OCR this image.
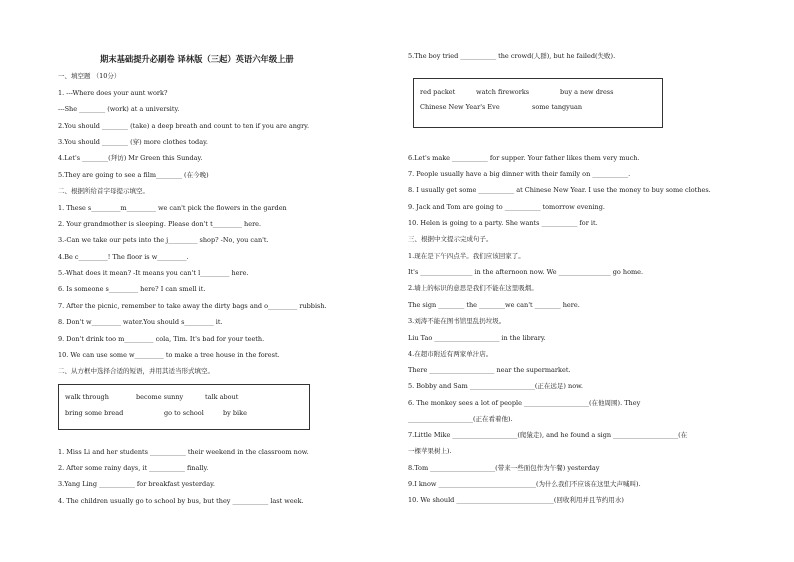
期末基础提升必刷卷 译林版（三起）英语六年级上册
一、填空题 （10分）
1. ---Where does your aunt work?
---She ________ (work) at a university.
2.You should ________ (take) a deep breath and count to ten if you are angry.
3.You should ________ (穿) more clothes today.
4.Let's ________(拜访) Mr Green this Sunday.
5.They are going to see a film________ (在今晚)
二、根据所给首字母提示填空。
1. These s_________m_________ we can't pick the flowers in the garden
2. Your grandmother is sleeping. Please don't t_________ here.
3.-Can we take our pets into the j_________ shop? -No, you can't.
4.Be c_________! The floor is w_________.
5.-What does it mean? -It means you can't l_________ here.
6. Is someone s_________ here? I can smell it.
7. After the picnic, remember to take away the dirty bags and o_________ rubbish.
8. Don't w_________ water.You should s_________ it.
9. Don't drink too m_________ cola, Tim. It's bad for your teeth.
10. We can use some w_________ to make a tree house in the forest.
二、从方框中选择合适的短语，并用其适当形式填空。
walk through	become sunny	talk about
bring some bread	go to school	by bike
1. Miss Li and her students ___________ their weekend in the classroom now.
2. After some rainy days, it ___________ finally.
3.Yang Ling ___________ for breakfast yesterday.
4. The children usually go to school by bus, but they ___________ last week.
5.The boy tried ___________ the crowd(人群), but he failed(失败).
red packet	watch fireworks	buy a new dress
Chinese New Year's Eve	some tangyuan
6.Let's make ___________ for supper. Your father likes them very much.
7. People usually have a big dinner with their family on ___________.
8. I usually get some ___________ at Chinese New Year. I use the money to buy some clothes.
9. Jack and Tom are going to ___________ tomorrow evening.
10. Helen is going to a party. She wants ___________ for it.
三、根据中文提示完成句子。
1.现在是下午四点半。我们应该回家了。
It's ________________ in the afternoon now. We ________________ go home.
2.墙上的标识的意思是我们不能在这里吸烟。
The sign ________ the ________we can't ________ here.
3.刘涛不能在图书馆里乱扔垃圾。
Liu Tao ____________________ in the library.
4.在超市附近有两家单汁店。
There ____________________ near the supermarket.
5. Bobby and Sam ____________________(正在远足) now.
6. The monkey sees a lot of people ____________________(在他周围). They
____________________(正在看着他).
7.Little Mike ____________________(爬猿走), and he found a sign ____________________(在
一棵苹果树上).
8.Tom ____________________(带来一些面包作为午餐) yesterday
9.I know ______________________________(为什么我们不应该在这里大声喊叫).
10. We should ______________________________(回收利用并且节约用水)
